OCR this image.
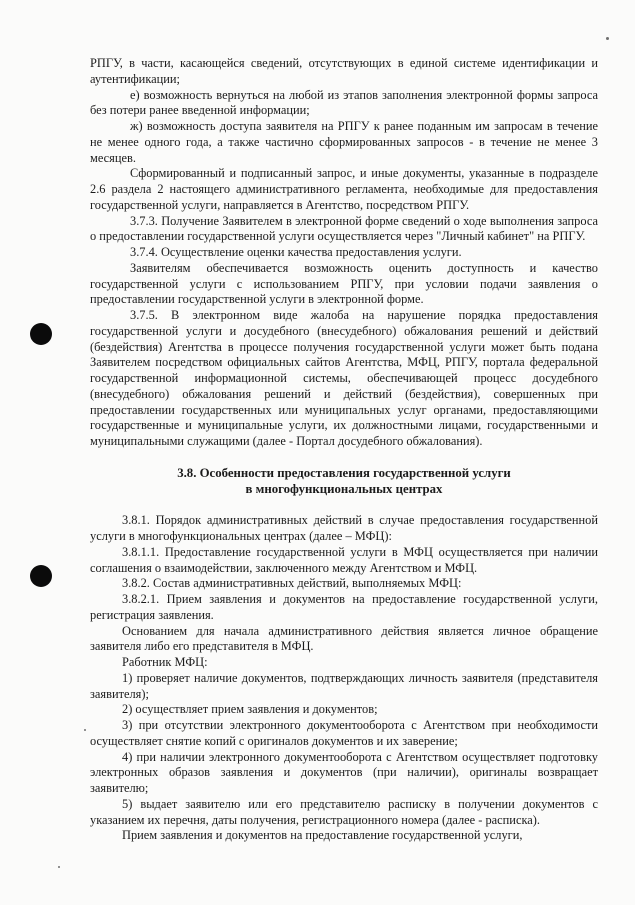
РПГУ, в части, касающейся сведений, отсутствующих в единой системе идентификации и аутентификации;

е) возможность вернуться на любой из этапов заполнения электронной формы запроса без потери ранее введенной информации;

ж) возможность доступа заявителя на РПГУ к ранее поданным им запросам в течение не менее одного года, а также частично сформированных запросов - в течение не менее 3 месяцев.

Сформированный и подписанный запрос, и иные документы, указанные в подразделе 2.6 раздела 2 настоящего административного регламента, необходимые для предоставления государственной услуги, направляется в Агентство, посредством РПГУ.

3.7.3. Получение Заявителем в электронной форме сведений о ходе выполнения запроса о предоставлении государственной услуги осуществляется через "Личный кабинет" на РПГУ.

3.7.4. Осуществление оценки качества предоставления услуги.

Заявителям обеспечивается возможность оценить доступность и качество государственной услуги с использованием РПГУ, при условии подачи заявления о предоставлении государственной услуги в электронной форме.

3.7.5. В электронном виде жалоба на нарушение порядка предоставления государственной услуги и досудебного (внесудебного) обжалования решений и действий (бездействия) Агентства в процессе получения государственной услуги может быть подана Заявителем посредством официальных сайтов Агентства, МФЦ, РПГУ, портала федеральной государственной информационной системы, обеспечивающей процесс досудебного (внесудебного) обжалования решений и действий (бездействия), совершенных при предоставлении государственных или муниципальных услуг органами, предоставляющими государственные и муниципальные услуги, их должностными лицами, государственными и муниципальными служащими (далее - Портал досудебного обжалования).

3.8. Особенности предоставления государственной услуги
в многофункциональных центрах

3.8.1. Порядок административных действий в случае предоставления государственной услуги в многофункциональных центрах (далее – МФЦ):

3.8.1.1. Предоставление государственной услуги в МФЦ осуществляется при наличии соглашения о взаимодействии, заключенного между Агентством и МФЦ.

3.8.2. Состав административных действий, выполняемых МФЦ:

3.8.2.1. Прием заявления и документов на предоставление государственной услуги, регистрация заявления.

Основанием для начала административного действия является личное обращение заявителя либо его представителя в МФЦ.

Работник МФЦ:

1) проверяет наличие документов, подтверждающих личность заявителя (представителя заявителя);

2) осуществляет прием заявления и документов;

3) при отсутствии электронного документооборота с Агентством при необходимости осуществляет снятие копий с оригиналов документов и их заверение;

4) при наличии электронного документооборота с Агентством осуществляет подготовку электронных образов заявления и документов (при наличии), оригиналы возвращает заявителю;

5) выдает заявителю или его представителю расписку в получении документов с указанием их перечня, даты получения, регистрационного номера (далее - расписка).

Прием заявления и документов на предоставление государственной услуги,
